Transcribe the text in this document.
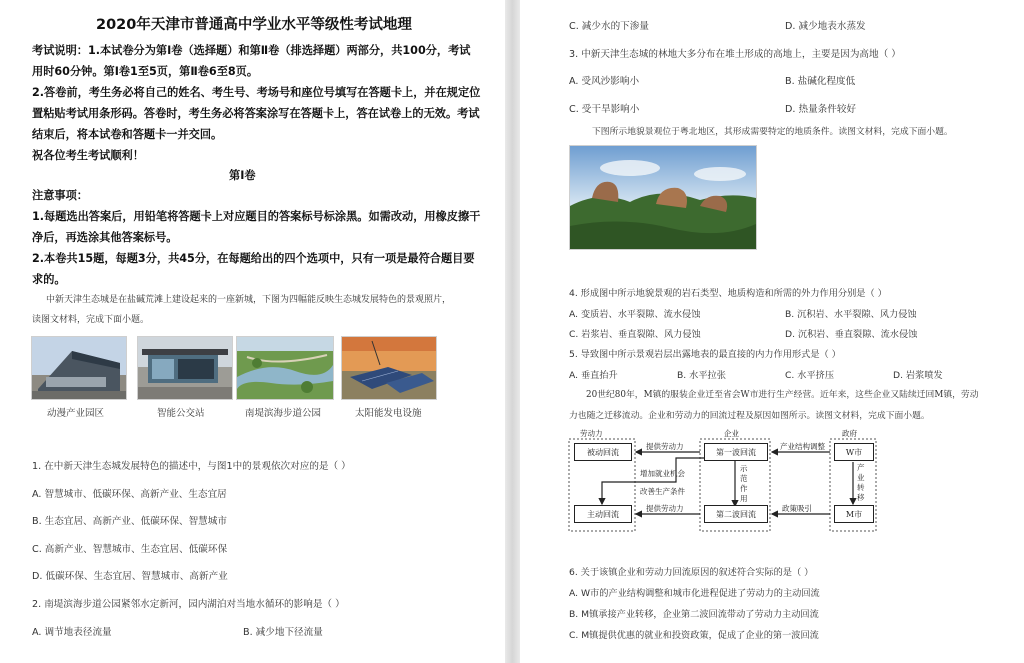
2020年天津市普通高中学业水平等级性考试地理
考试说明：1.本试卷分为第Ⅰ卷（选择题）和第Ⅱ卷（排选择题）两部分，共100分，考试
用时60分钟。第Ⅰ卷1至5页，第Ⅱ卷6至8页。
2.答卷前，考生务必将自己的姓名、考生号、考场号和座位号填写在答题卡上，并在规定位
置粘贴考试用条形码。答卷时，考生务必将答案涂写在答题卡上，答在试卷上的无效。考试
结束后，将本试卷和答题卡一并交回。
祝各位考生考试顺利！
第Ⅰ卷
注意事项：
1.每题选出答案后，用铅笔将答题卡上对应题目的答案标号标涂黑。如需改动，用橡皮擦干
净后，再选涂其他答案标号。
2.本卷共15题，每题3分，共45分，在每题给出的四个选项中，只有一项是最符合题目要
求的。
中新天津生态城是在盐碱荒滩上建设起来的一座新城，下图为四幅能反映生态城发展特色的景观照片，
读图文材料，完成下面小题。
动漫产业园区	智能公交站	南堤滨海步道公园	太阳能发电设施
1. 在中新天津生态城发展特色的描述中，与图1中的景观依次对应的是（ ）
A. 智慧城市、低碳环保、高新产业、生态宜居
B. 生态宜居、高新产业、低碳环保、智慧城市
C. 高新产业、智慧城市、生态宜居、低碳环保
D. 低碳环保、生态宜居、智慧城市、高新产业
2. 南堤滨海步道公园紧邻水定新河，园内湖泊对当地水循环的影响是（ ）
A. 调节地表径流量	B. 减少地下径流量
C. 减少水的下渗量	D. 减少地表水蒸发
3. 中新天津生态城的林地大多分布在堆土形成的高地上，主要是因为高地（ ）
A. 受风沙影响小	B. 盐碱化程度低
C. 受干旱影响小	D. 热量条件较好
下图所示地貌景观位于粤北地区，其形成需要特定的地质条件。读图文材料，完成下面小题。
4. 形成图中所示地貌景观的岩石类型、地质构造和所需的外力作用分别是（ ）
A. 变质岩、水平裂隙、流水侵蚀	B. 沉积岩、水平裂隙、风力侵蚀
C. 岩浆岩、垂直裂隙、风力侵蚀	D. 沉积岩、垂直裂隙、流水侵蚀
5. 导致图中所示景观岩层出露地表的最直接的内力作用形式是（ ）
A. 垂直抬升	B. 水平拉张	C. 水平挤压	D. 岩浆喷发
20世纪80年，M镇的服装企业迁至省会W市进行生产经营。近年来，这些企业又陆续迁回M镇，劳动
力也随之迁移流动。企业和劳动力的回流过程及原因如图所示。读图文材料，完成下面小题。
劳动力	企业	政府
被动回流
主动回流
第一波回流
第二波回流
W市
M市
提供劳动力
提供劳动力
产业结构调整
增加就业机会
改善生产条件
示范作用
政策吸引
产业转移
6. 关于该镇企业和劳动力回流原因的叙述符合实际的是（ ）
A. W市的产业结构调整和城市化进程促进了劳动力的主动回流
B. M镇承接产业转移，企业第二波回流带动了劳动力主动回流
C. M镇提供优惠的就业和投资政策，促成了企业的第一波回流
